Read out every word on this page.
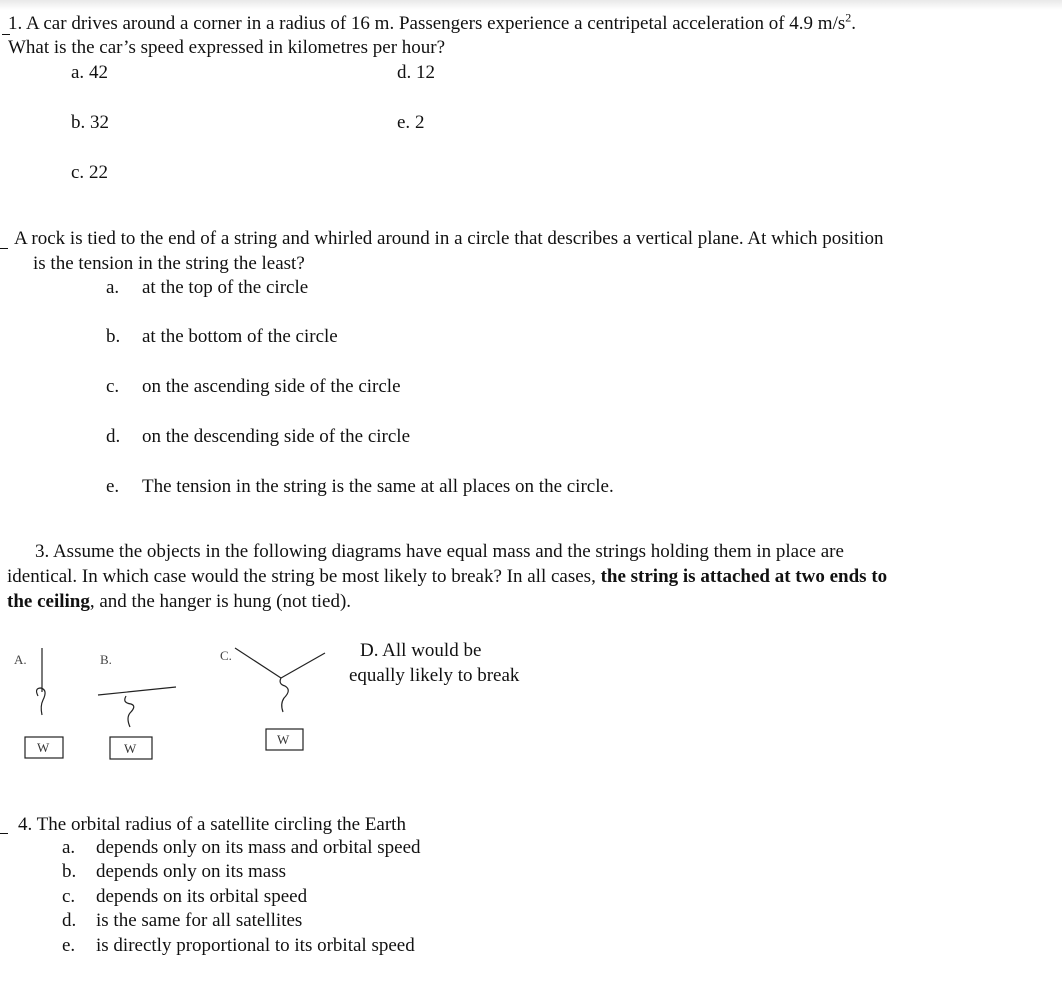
1. A car drives around a corner in a radius of 16 m. Passengers experience a centripetal acceleration of 4.9 $m/s^2$.
What is the car’s speed expressed in kilometres per hour?
a. 42
b. 32
c. 22
d. 12
e. 2
A rock is tied to the end of a string and whirled around in a circle that describes a vertical plane. At which position
is the tension in the string the least?
a. at the top of the circle
b. at the bottom of the circle
c. on the ascending side of the circle
d. on the descending side of the circle
e. The tension in the string is the same at all places on the circle.
3. Assume the objects in the following diagrams have equal mass and the strings holding them in place are
identical. In which case would the string be most likely to break? In all cases, the string is attached at two ends to
the ceiling, and the hanger is hung (not tied).
A.	B.	C.
W	W
W
D. All would be
equally likely to break
4. The orbital radius of a satellite circling the Earth
a. depends only on its mass and orbital speed
b. depends only on its mass
c. depends on its orbital speed
d. is the same for all satellites
e. is directly proportional to its orbital speed
